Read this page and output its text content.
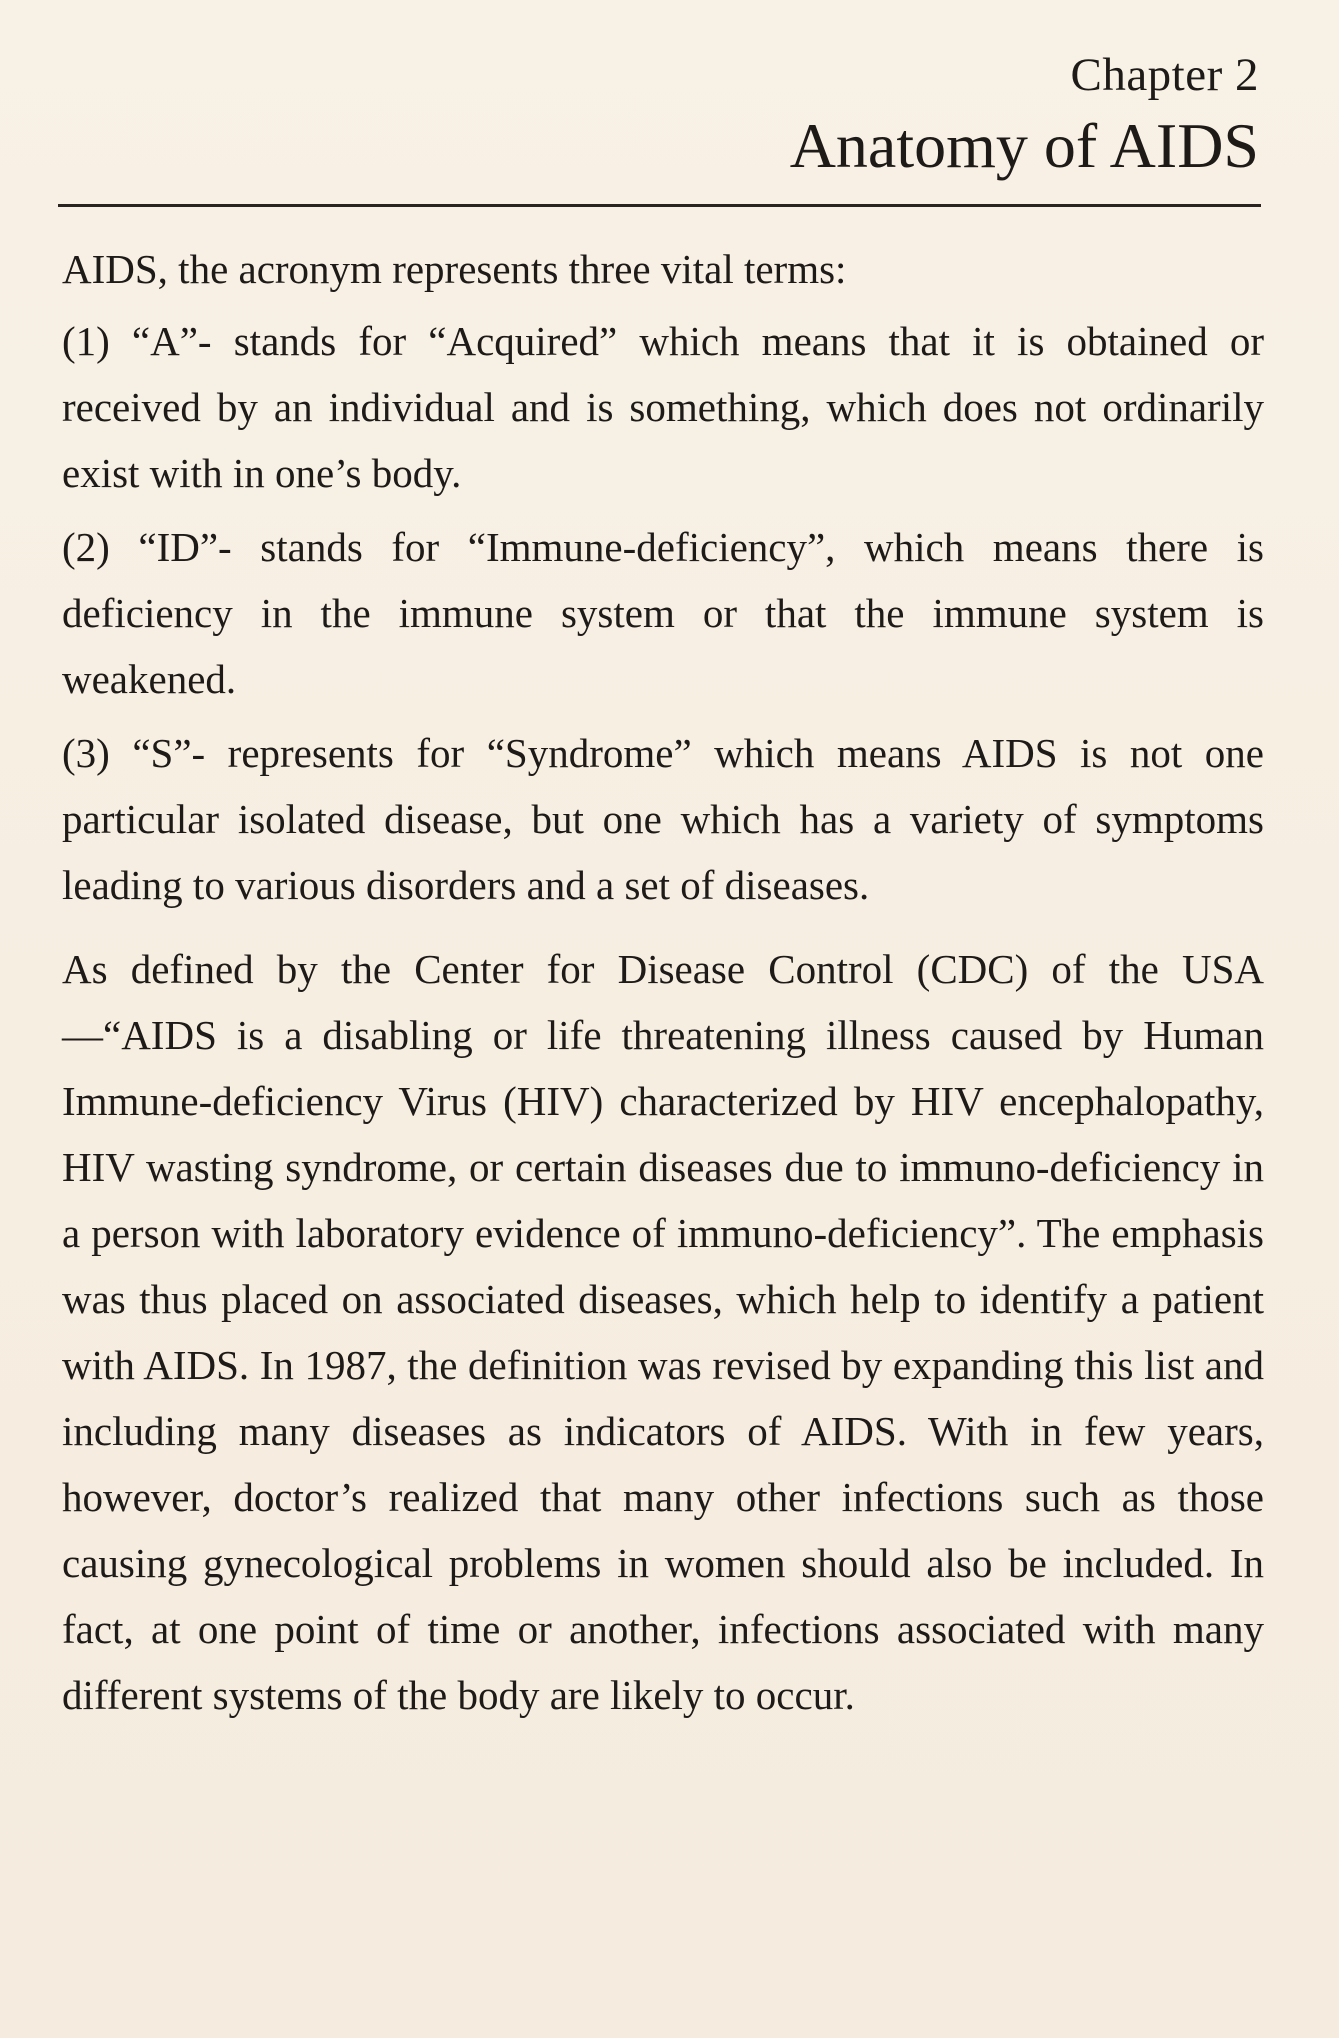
Chapter 2
Anatomy of AIDS

AIDS, the acronym represents three vital terms:

(1) “A”- stands for “Acquired” which means that it is obtained or received by an individual and is something, which does not ordinarily exist with in one’s body.

(2) “ID”- stands for “Immune-deficiency”, which means there is deficiency in the immune system or that the immune system is weakened.

(3) “S”- represents for “Syndrome” which means AIDS is not one particular isolated disease, but one which has a variety of symptoms leading to various disorders and a set of diseases.

As defined by the Center for Disease Control (CDC) of the USA—“AIDS is a disabling or life threatening illness caused by Human Immune-deficiency Virus (HIV) characterized by HIV encephalopathy, HIV wasting syndrome, or certain diseases due to immuno-deficiency in a person with laboratory evidence of immuno-deficiency”. The emphasis was thus placed on associated diseases, which help to identify a patient with AIDS. In 1987, the definition was revised by expanding this list and including many diseases as indicators of AIDS. With in few years, however, doctor’s realized that many other infections such as those causing gynecological problems in women should also be included. In fact, at one point of time or another, infections associated with many different systems of the body are likely to occur.
